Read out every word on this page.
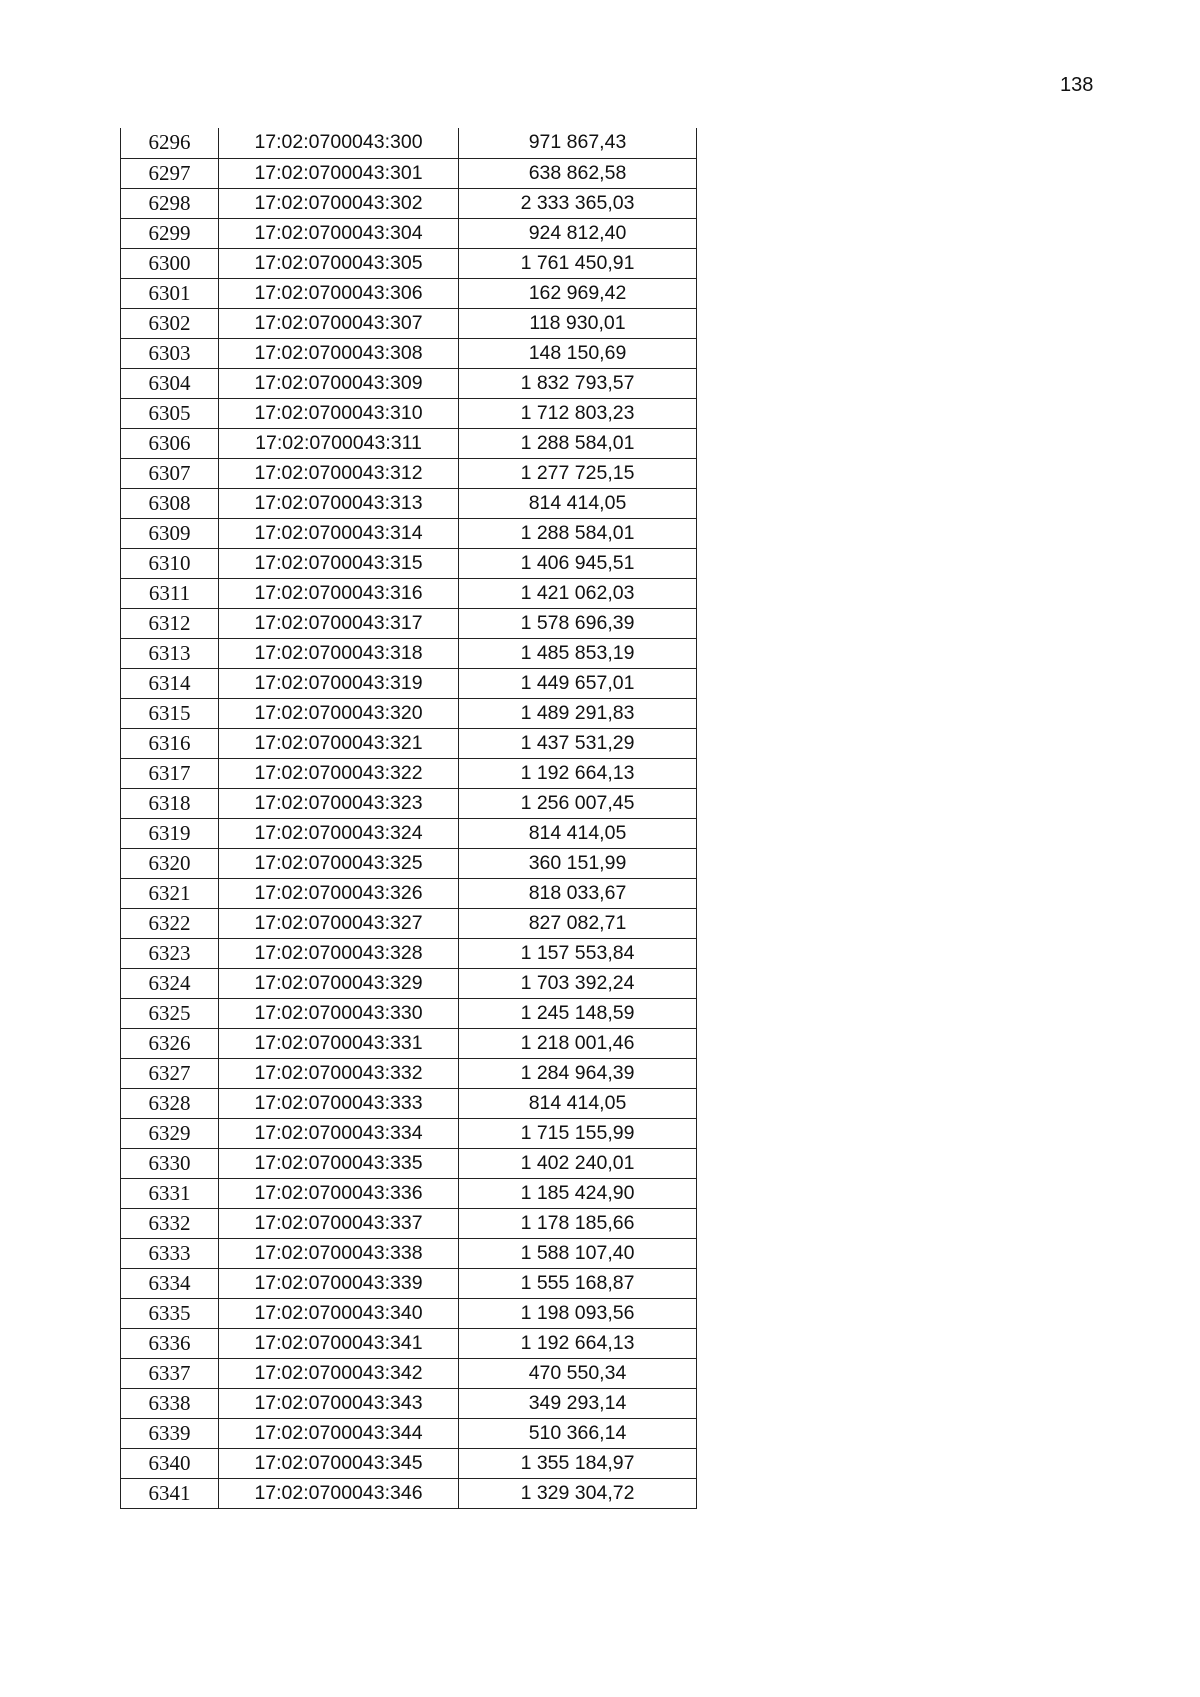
138
6296	17:02:0700043:300	971 867,43
6297	17:02:0700043:301	638 862,58
6298	17:02:0700043:302	2 333 365,03
6299	17:02:0700043:304	924 812,40
6300	17:02:0700043:305	1 761 450,91
6301	17:02:0700043:306	162 969,42
6302	17:02:0700043:307	118 930,01
6303	17:02:0700043:308	148 150,69
6304	17:02:0700043:309	1 832 793,57
6305	17:02:0700043:310	1 712 803,23
6306	17:02:0700043:311	1 288 584,01
6307	17:02:0700043:312	1 277 725,15
6308	17:02:0700043:313	814 414,05
6309	17:02:0700043:314	1 288 584,01
6310	17:02:0700043:315	1 406 945,51
6311	17:02:0700043:316	1 421 062,03
6312	17:02:0700043:317	1 578 696,39
6313	17:02:0700043:318	1 485 853,19
6314	17:02:0700043:319	1 449 657,01
6315	17:02:0700043:320	1 489 291,83
6316	17:02:0700043:321	1 437 531,29
6317	17:02:0700043:322	1 192 664,13
6318	17:02:0700043:323	1 256 007,45
6319	17:02:0700043:324	814 414,05
6320	17:02:0700043:325	360 151,99
6321	17:02:0700043:326	818 033,67
6322	17:02:0700043:327	827 082,71
6323	17:02:0700043:328	1 157 553,84
6324	17:02:0700043:329	1 703 392,24
6325	17:02:0700043:330	1 245 148,59
6326	17:02:0700043:331	1 218 001,46
6327	17:02:0700043:332	1 284 964,39
6328	17:02:0700043:333	814 414,05
6329	17:02:0700043:334	1 715 155,99
6330	17:02:0700043:335	1 402 240,01
6331	17:02:0700043:336	1 185 424,90
6332	17:02:0700043:337	1 178 185,66
6333	17:02:0700043:338	1 588 107,40
6334	17:02:0700043:339	1 555 168,87
6335	17:02:0700043:340	1 198 093,56
6336	17:02:0700043:341	1 192 664,13
6337	17:02:0700043:342	470 550,34
6338	17:02:0700043:343	349 293,14
6339	17:02:0700043:344	510 366,14
6340	17:02:0700043:345	1 355 184,97
6341	17:02:0700043:346	1 329 304,72
